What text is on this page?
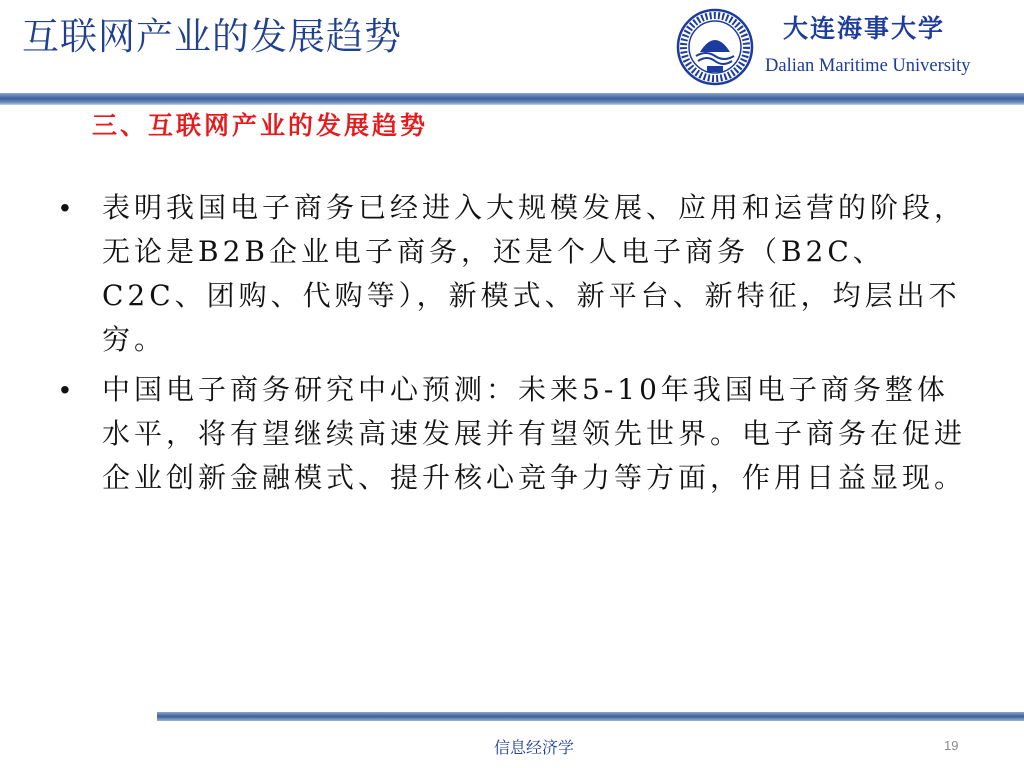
互联网产业的发展趋势	大连海事大学
Dalian Maritime University
三、互联网产业的发展趋势
• 表明我国电子商务已经进入大规模发展、应用和运营的阶段，无论是B2B企业电子商务，还是个人电子商务（B2C、C2C、团购、代购等），新模式、新平台、新特征，均层出不穷。
• 中国电子商务研究中心预测：未来5-10年我国电子商务整体水平，将有望继续高速发展并有望领先世界。电子商务在促进企业创新金融模式、提升核心竞争力等方面，作用日益显现。
信息经济学	19
